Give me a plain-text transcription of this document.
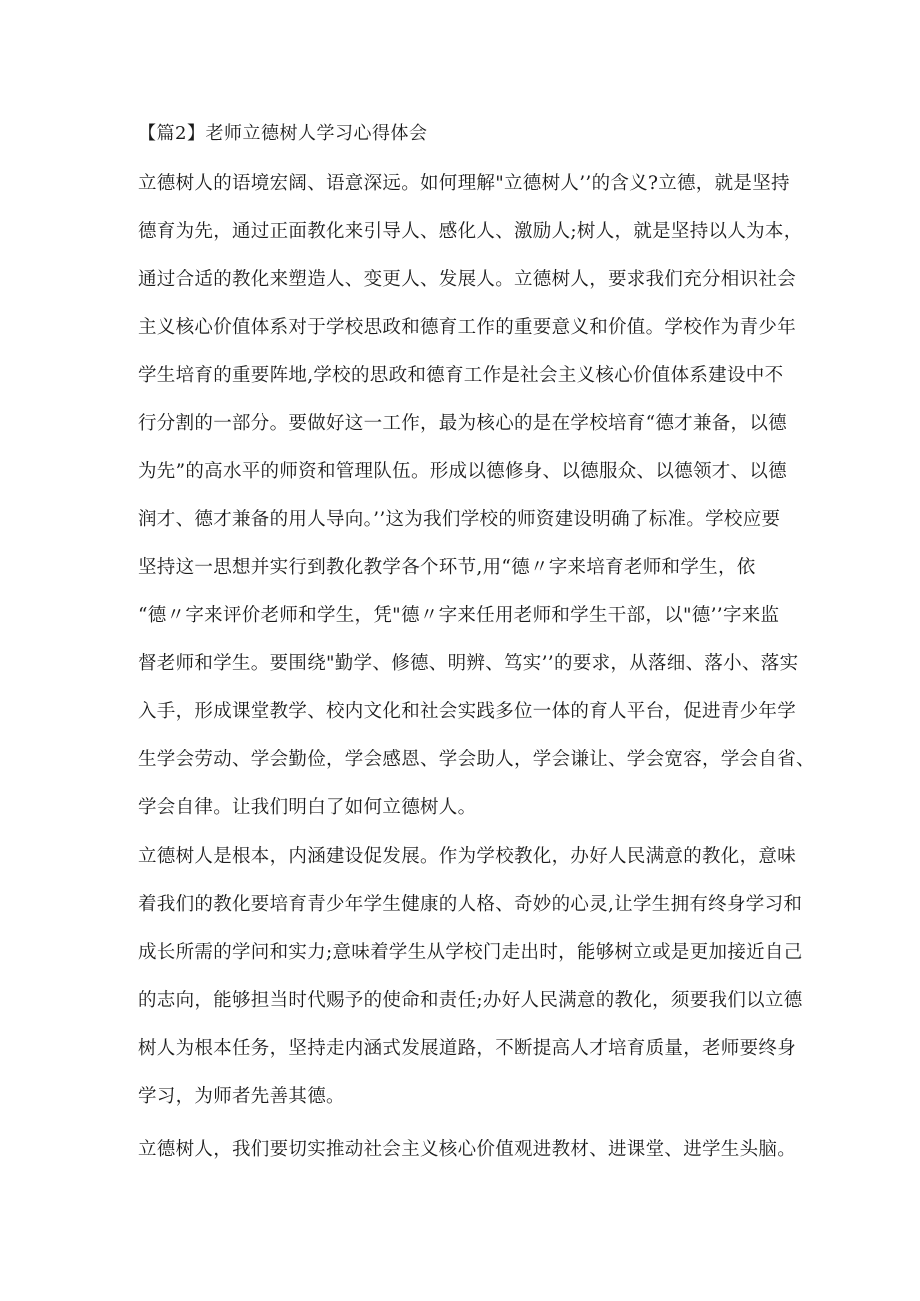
【篇2】老师立德树人学习心得体会
立德树人的语境宏阔、语意深远。如何理解"立德树人’’的含义?立德，就是坚持
德育为先，通过正面教化来引导人、感化人、激励人;树人，就是坚持以人为本，
通过合适的教化来塑造人、变更人、发展人。立德树人，要求我们充分相识社会
主义核心价值体系对于学校思政和德育工作的重要意义和价值。学校作为青少年
学生培育的重要阵地,学校的思政和德育工作是社会主义核心价值体系建设中不
行分割的一部分。要做好这一工作，最为核心的是在学校培育“德才兼备，以德
为先”的高水平的师资和管理队伍。形成以德修身、以德服众、以德领才、以德
润才、德才兼备的用人导向。’’这为我们学校的师资建设明确了标准。学校应要
坚持这一思想并实行到教化教学各个环节,用“德〃字来培育老师和学生，依
“德〃字来评价老师和学生，凭"德〃字来任用老师和学生干部，以"德’’字来监
督老师和学生。要围绕"勤学、修德、明辨、笃实’’的要求，从落细、落小、落实
入手，形成课堂教学、校内文化和社会实践多位一体的育人平台，促进青少年学
生学会劳动、学会勤俭，学会感恩、学会助人，学会谦让、学会宽容，学会自省、
学会自律。让我们明白了如何立德树人。
立德树人是根本，内涵建设促发展。作为学校教化，办好人民满意的教化，意味
着我们的教化要培育青少年学生健康的人格、奇妙的心灵,让学生拥有终身学习和
成长所需的学问和实力;意味着学生从学校门走出时，能够树立或是更加接近自己
的志向，能够担当时代赐予的使命和责任;办好人民满意的教化，须要我们以立德
树人为根本任务，坚持走内涵式发展道路，不断提高人才培育质量，老师要终身
学习，为师者先善其德。
立德树人，我们要切实推动社会主义核心价值观进教材、进课堂、进学生头脑。
